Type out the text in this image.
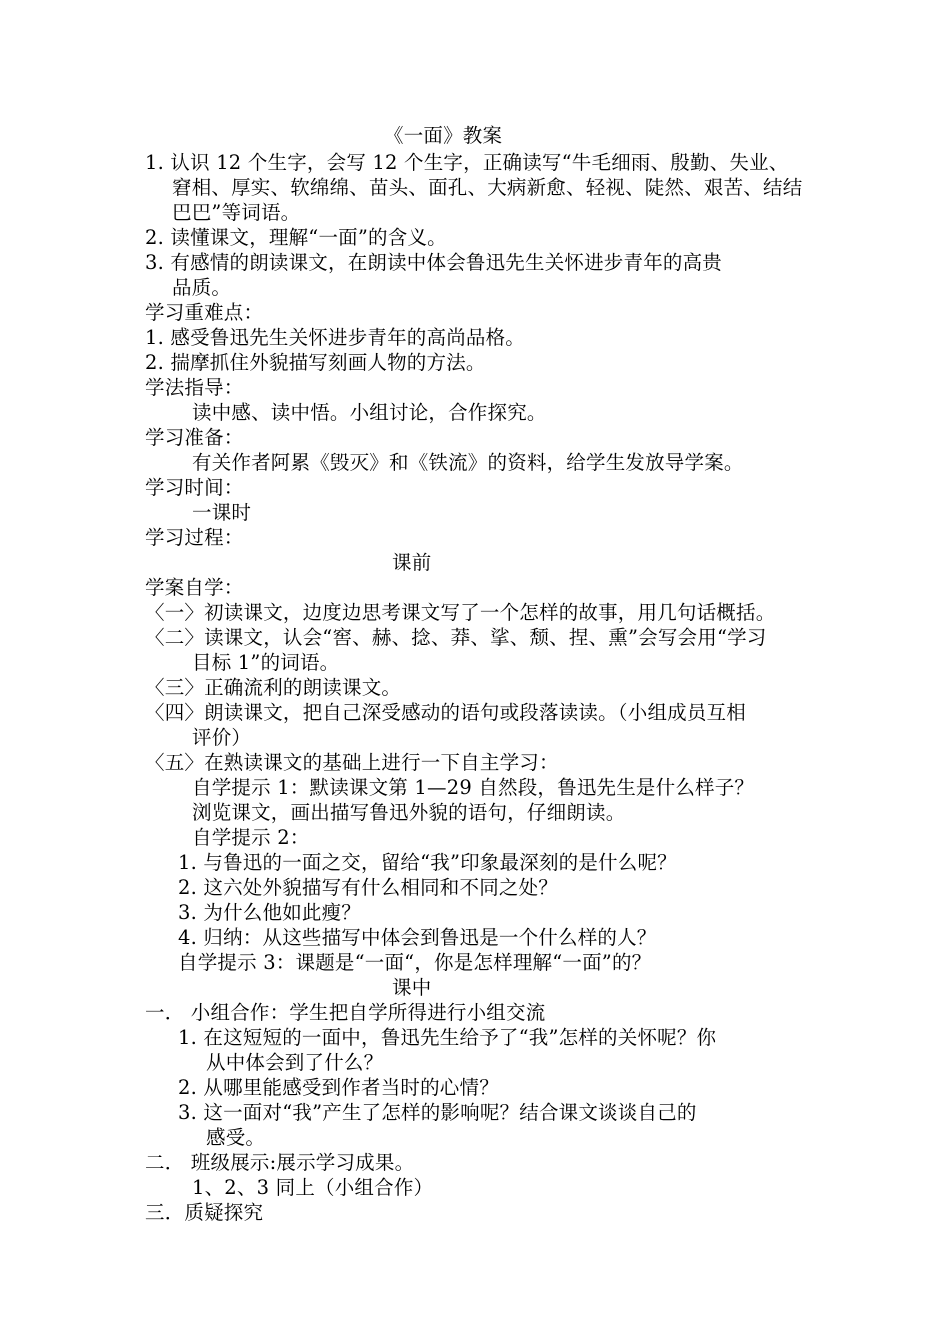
《一面》教案
1. 认识 12 个生字，会写 12 个生字，正确读写“牛毛细雨、殷勤、失业、
窘相、厚实、软绵绵、苗头、面孔、大病新愈、轻视、陡然、艰苦、结结
巴巴”等词语。
2. 读懂课文，理解“一面”的含义。
3. 有感情的朗读课文，在朗读中体会鲁迅先生关怀进步青年的高贵
品质。
学习重难点：
1. 感受鲁迅先生关怀进步青年的高尚品格。
2. 揣摩抓住外貌描写刻画人物的方法。
学法指导：
读中感、读中悟。小组讨论，合作探究。
学习准备：
有关作者阿累《毁灭》和《铁流》的资料，给学生发放导学案。
学习时间：
一课时
学习过程：
课前
学案自学：
〈一〉初读课文，边度边思考课文写了一个怎样的故事，用几句话概括。
〈二〉读课文，认会“窖、赫、捻、莽、挲、颓、捏、熏”会写会用“学习
目标 1”的词语。
〈三〉正确流利的朗读课文。
〈四〉朗读课文，把自己深受感动的语句或段落读读。（小组成员互相
评价）
〈五〉在熟读课文的基础上进行一下自主学习：
自学提示 1：默读课文第 1—29 自然段，鲁迅先生是什么样子？
浏览课文，画出描写鲁迅外貌的语句，仔细朗读。
自学提示 2：
1. 与鲁迅的一面之交，留给“我”印象最深刻的是什么呢？
2. 这六处外貌描写有什么相同和不同之处？
3. 为什么他如此瘦？
4. 归纳：从这些描写中体会到鲁迅是一个什么样的人？
自学提示 3：课题是“一面“，你是怎样理解“一面”的？
课中
一． 小组合作：学生把自学所得进行小组交流
1. 在这短短的一面中，鲁迅先生给予了“我”怎样的关怀呢？你
从中体会到了什么？
2. 从哪里能感受到作者当时的心情？
3. 这一面对“我”产生了怎样的影响呢？结合课文谈谈自己的
感受。
二． 班级展示:展示学习成果。
1、2、3 同上（小组合作）
三．质疑探究
